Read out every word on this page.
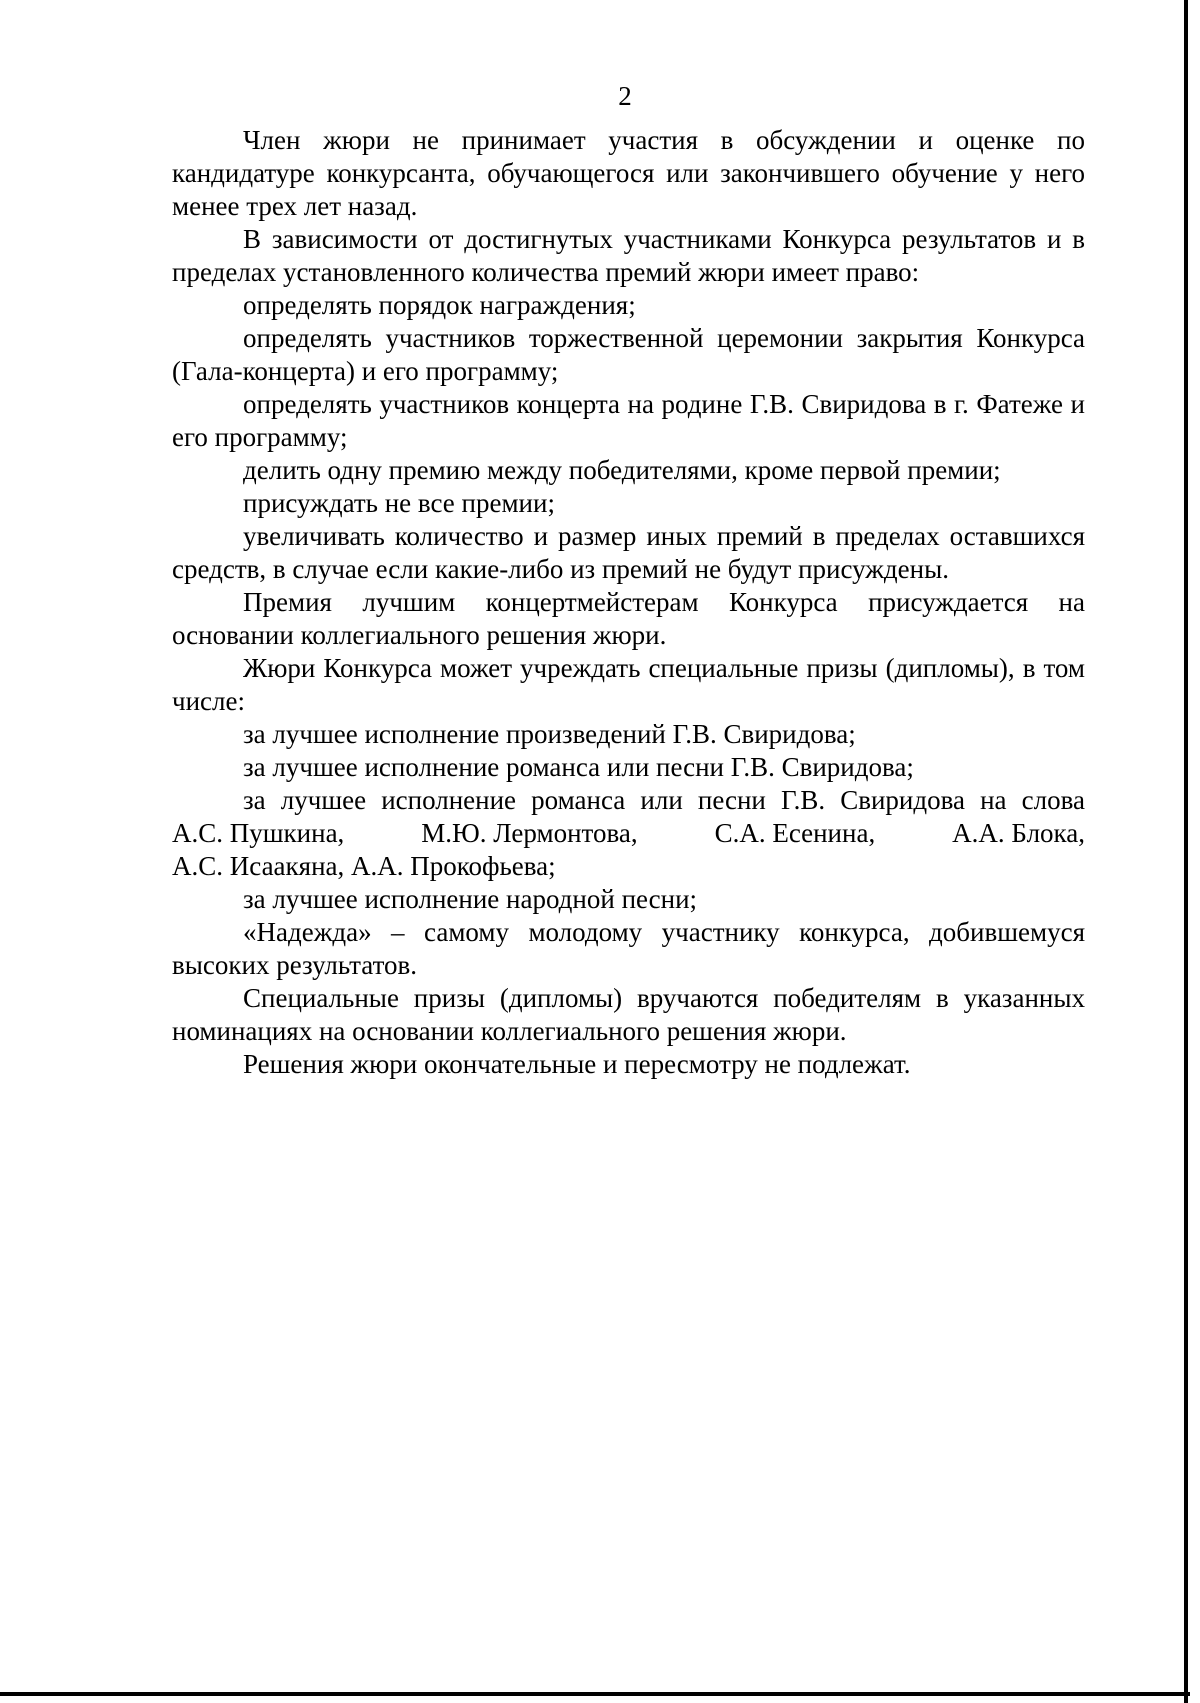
2

Член жюри не принимает участия в обсуждении и оценке по кандидатуре конкурсанта, обучающегося или закончившего обучение у него менее трех лет назад.

В зависимости от достигнутых участниками Конкурса результатов и в пределах установленного количества премий жюри имеет право:

определять порядок награждения;

определять участников торжественной церемонии закрытия Конкурса (Гала-концерта) и его программу;

определять участников концерта на родине Г.В. Свиридова в г. Фатеже и его программу;

делить одну премию между победителями, кроме первой премии;

присуждать не все премии;

увеличивать количество и размер иных премий в пределах оставшихся средств, в случае если какие-либо из премий не будут присуждены.

Премия лучшим концертмейстерам Конкурса присуждается на основании коллегиального решения жюри.

Жюри Конкурса может учреждать специальные призы (дипломы), в том числе:

за лучшее исполнение произведений Г.В. Свиридова;

за лучшее исполнение романса или песни Г.В. Свиридова;

за лучшее исполнение романса или песни Г.В. Свиридова на слова

А.С. Пушкина,	М.Ю. Лермонтова,	С.А. Есенина,	А.А. Блока,
А.С. Исаакяна, А.А. Прокофьева;

за лучшее исполнение народной песни;

«Надежда» – самому молодому участнику конкурса, добившемуся высоких результатов.

Специальные призы (дипломы) вручаются победителям в указанных номинациях на основании коллегиального решения жюри.

Решения жюри окончательные и пересмотру не подлежат.
